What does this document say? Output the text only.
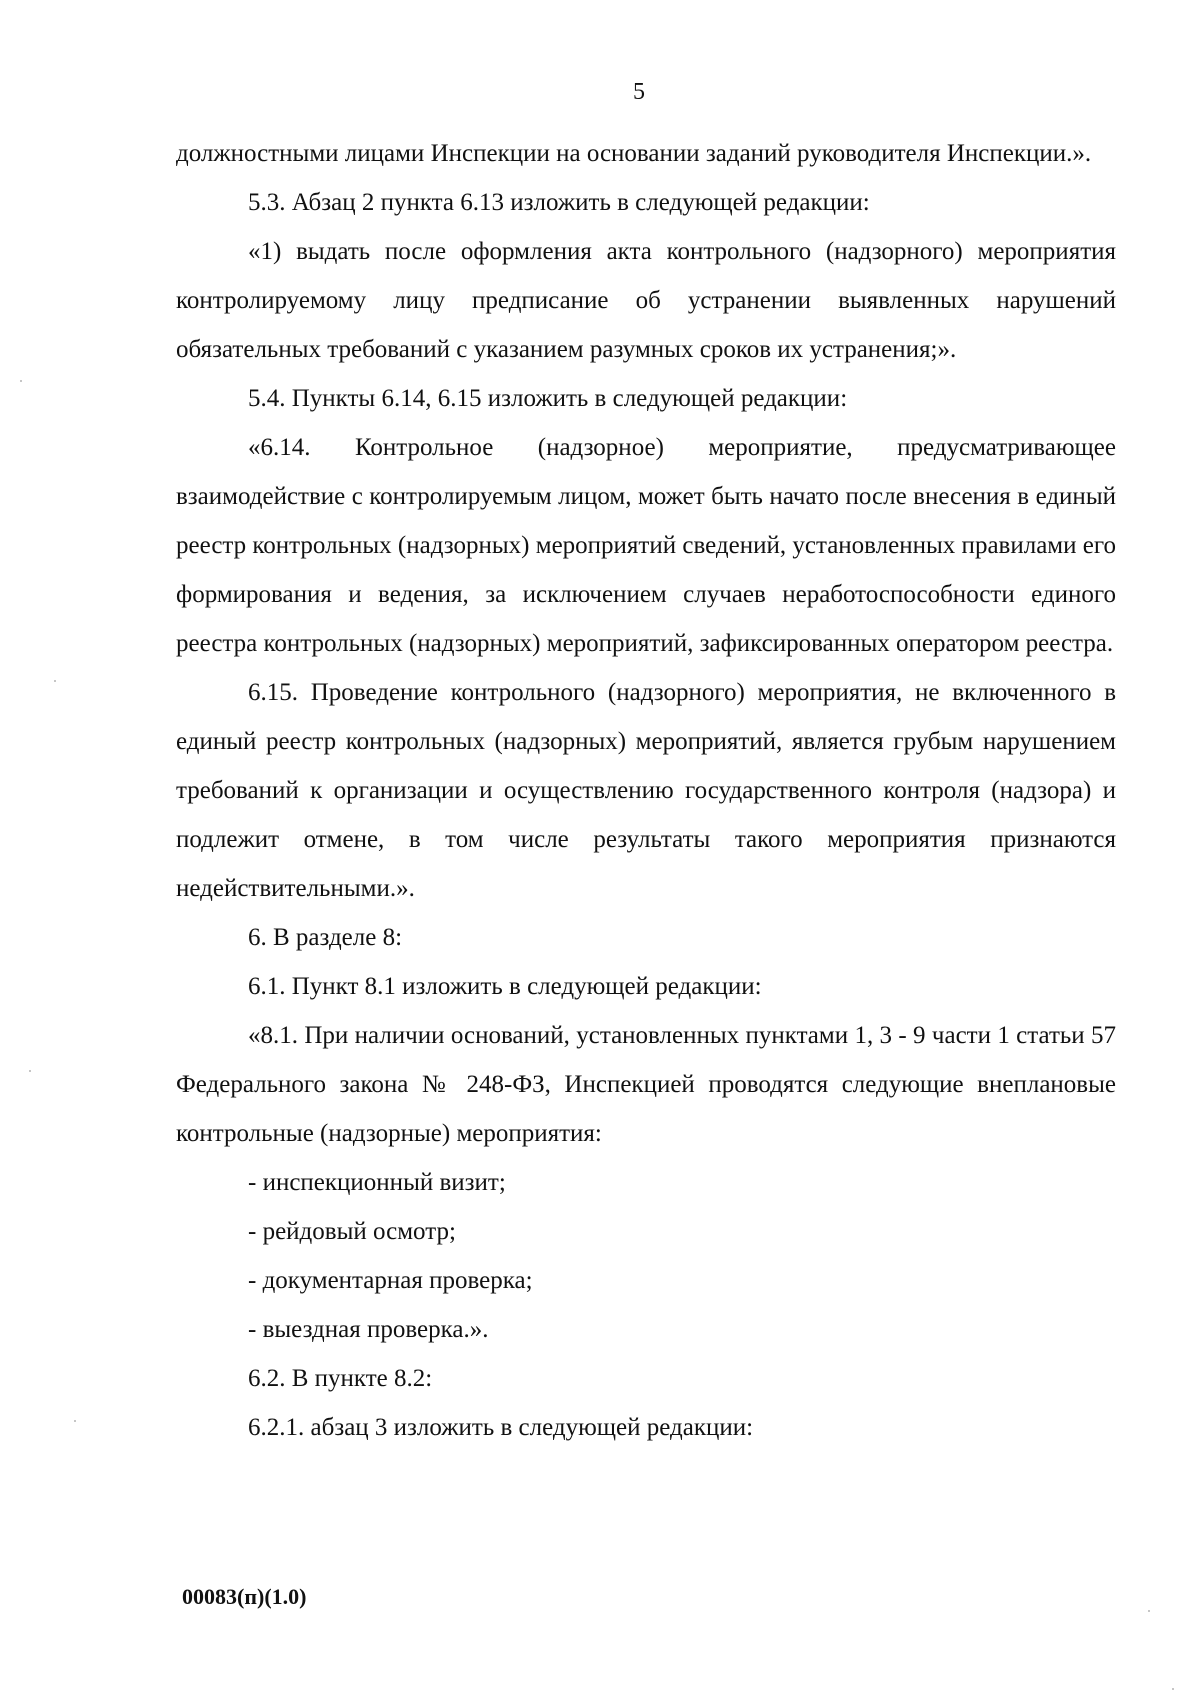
5

должностными лицами Инспекции на основании заданий руководителя Инспекции.».

5.3. Абзац 2 пункта 6.13 изложить в следующей редакции:

«1) выдать после оформления акта контрольного (надзорного) мероприятия контролируемому лицу предписание об устранении выявленных нарушений обязательных требований с указанием разумных сроков их устранения;».

5.4. Пункты 6.14, 6.15 изложить в следующей редакции:

«6.14. Контрольное (надзорное) мероприятие, предусматривающее взаимодействие с контролируемым лицом, может быть начато после внесения в единый реестр контрольных (надзорных) мероприятий сведений, установленных правилами его формирования и ведения, за исключением случаев неработоспособности единого реестра контрольных (надзорных) мероприятий, зафиксированных оператором реестра.

6.15. Проведение контрольного (надзорного) мероприятия, не включенного в единый реестр контрольных (надзорных) мероприятий, является грубым нарушением требований к организации и осуществлению государственного контроля (надзора) и подлежит отмене, в том числе результаты такого мероприятия признаются недействительными.».

6. В разделе 8:

6.1. Пункт 8.1 изложить в следующей редакции:

«8.1. При наличии оснований, установленных пунктами 1, 3 - 9 части 1 статьи 57 Федерального закона № 248-ФЗ, Инспекцией проводятся следующие внеплановые контрольные (надзорные) мероприятия:

- инспекционный визит;

- рейдовый осмотр;

- документарная проверка;

- выездная проверка.».

6.2. В пункте 8.2:

6.2.1. абзац 3 изложить в следующей редакции:

00083(п)(1.0)
